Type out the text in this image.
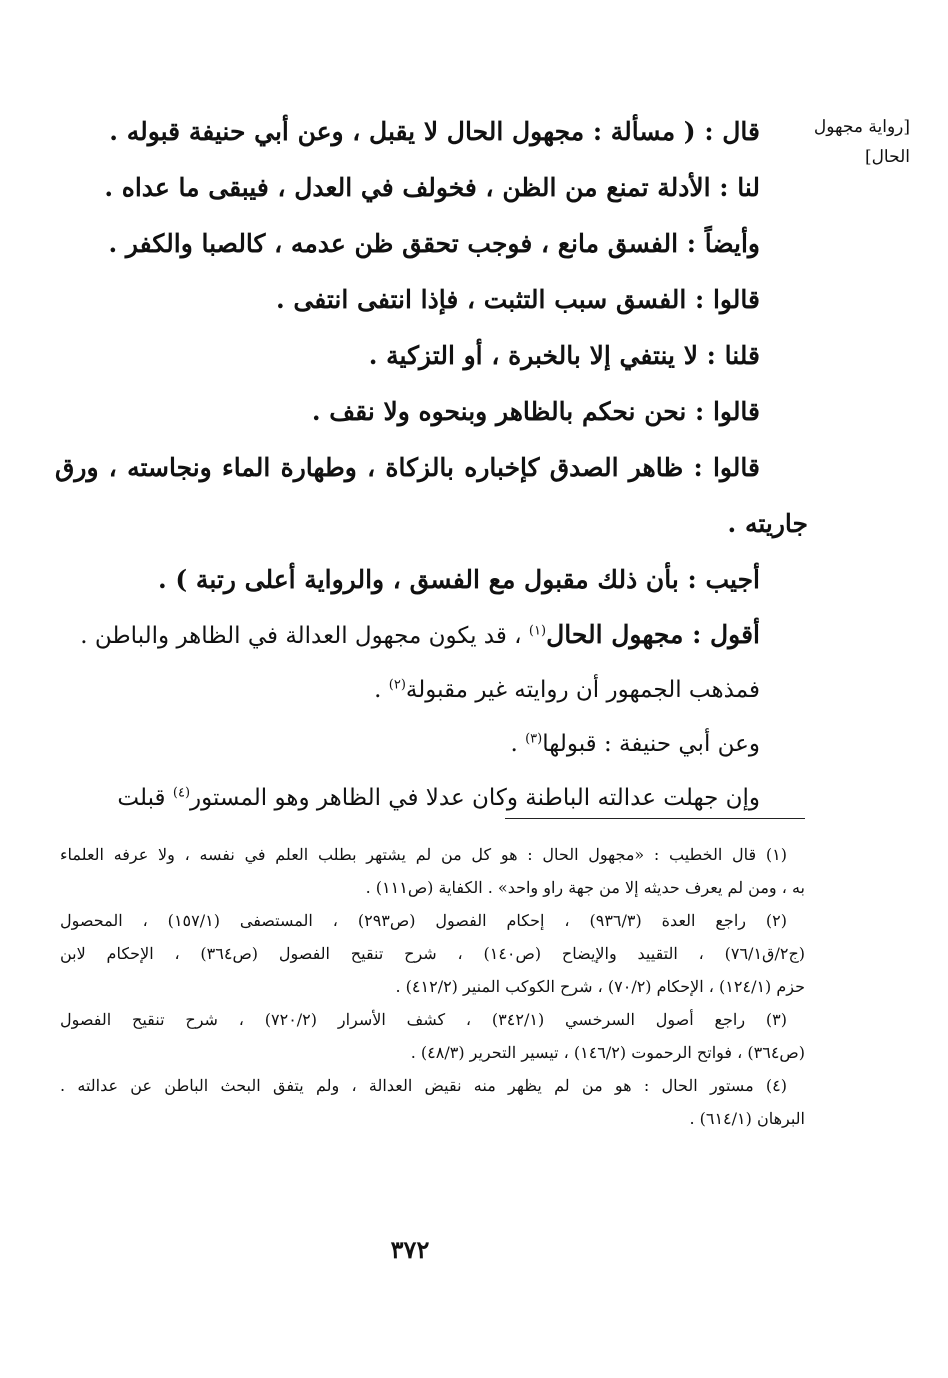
[رواية مجهول
الحال]
قال : ( مسألة : مجهول الحال لا يقبل ، وعن أبي حنيفة قبوله .
لنا : الأدلة تمنع من الظن ، فخولف في العدل ، فيبقى ما عداه .
وأيضاً : الفسق مانع ، فوجب تحقق ظن عدمه ، كالصبا والكفر .
قالوا : الفسق سبب التثبت ، فإذا انتفى انتفى .
قلنا : لا ينتفي إلا بالخبرة ، أو التزكية .
قالوا : نحن نحكم بالظاهر وبنحوه ولا نقف .
قالوا : ظاهر الصدق كإخباره بالزكاة ، وطهارة الماء ونجاسته ، ورق
جاريته .
أجيب : بأن ذلك مقبول مع الفسق ، والرواية أعلى رتبة ) .
أقول : مجهول الحال$^{(١)}$ ، قد يكون مجهول العدالة في الظاهر والباطن .
فمذهب الجمهور أن روايته غير مقبولة$^{(٢)}$ .
وعن أبي حنيفة : قبولها$^{(٣)}$ .
وإن جهلت عدالته الباطنة وكان عدلا في الظاهر وهو المستور$^{(٤)}$ قبلت
(١) قال الخطيب : «مجهول الحال : هو كل من لم يشتهر بطلب العلم في نفسه ، ولا عرفه العلماء
به ، ومن لم يعرف حديثه إلا من جهة راو واحد» . الكفاية (ص١١١) .
(٢) راجع العدة (٩٣٦/٣) ، إحكام الفصول (ص٢٩٣) ، المستصفى (١٥٧/١) ، المحصول
(ج٢/ق٧٦/١) ، التقييد والإيضاح (ص١٤٠) ، شرح تنقيح الفصول (ص٣٦٤) ، الإحكام لابن
حزم (١٢٤/١) ، الإحكام (٧٠/٢) ، شرح الكوكب المنير (٤١٢/٢) .
(٣) راجع أصول السرخسي (٣٤٢/١) ، كشف الأسرار (٧٢٠/٢) ، شرح تنقيح الفصول
(ص٣٦٤) ، فواتح الرحموت (١٤٦/٢) ، تيسير التحرير (٤٨/٣) .
(٤) مستور الحال : هو من لم يظهر منه نقيض العدالة ، ولم يتفق البحث الباطن عن عدالته .
البرهان (٦١٤/١) .
٣٧٢
